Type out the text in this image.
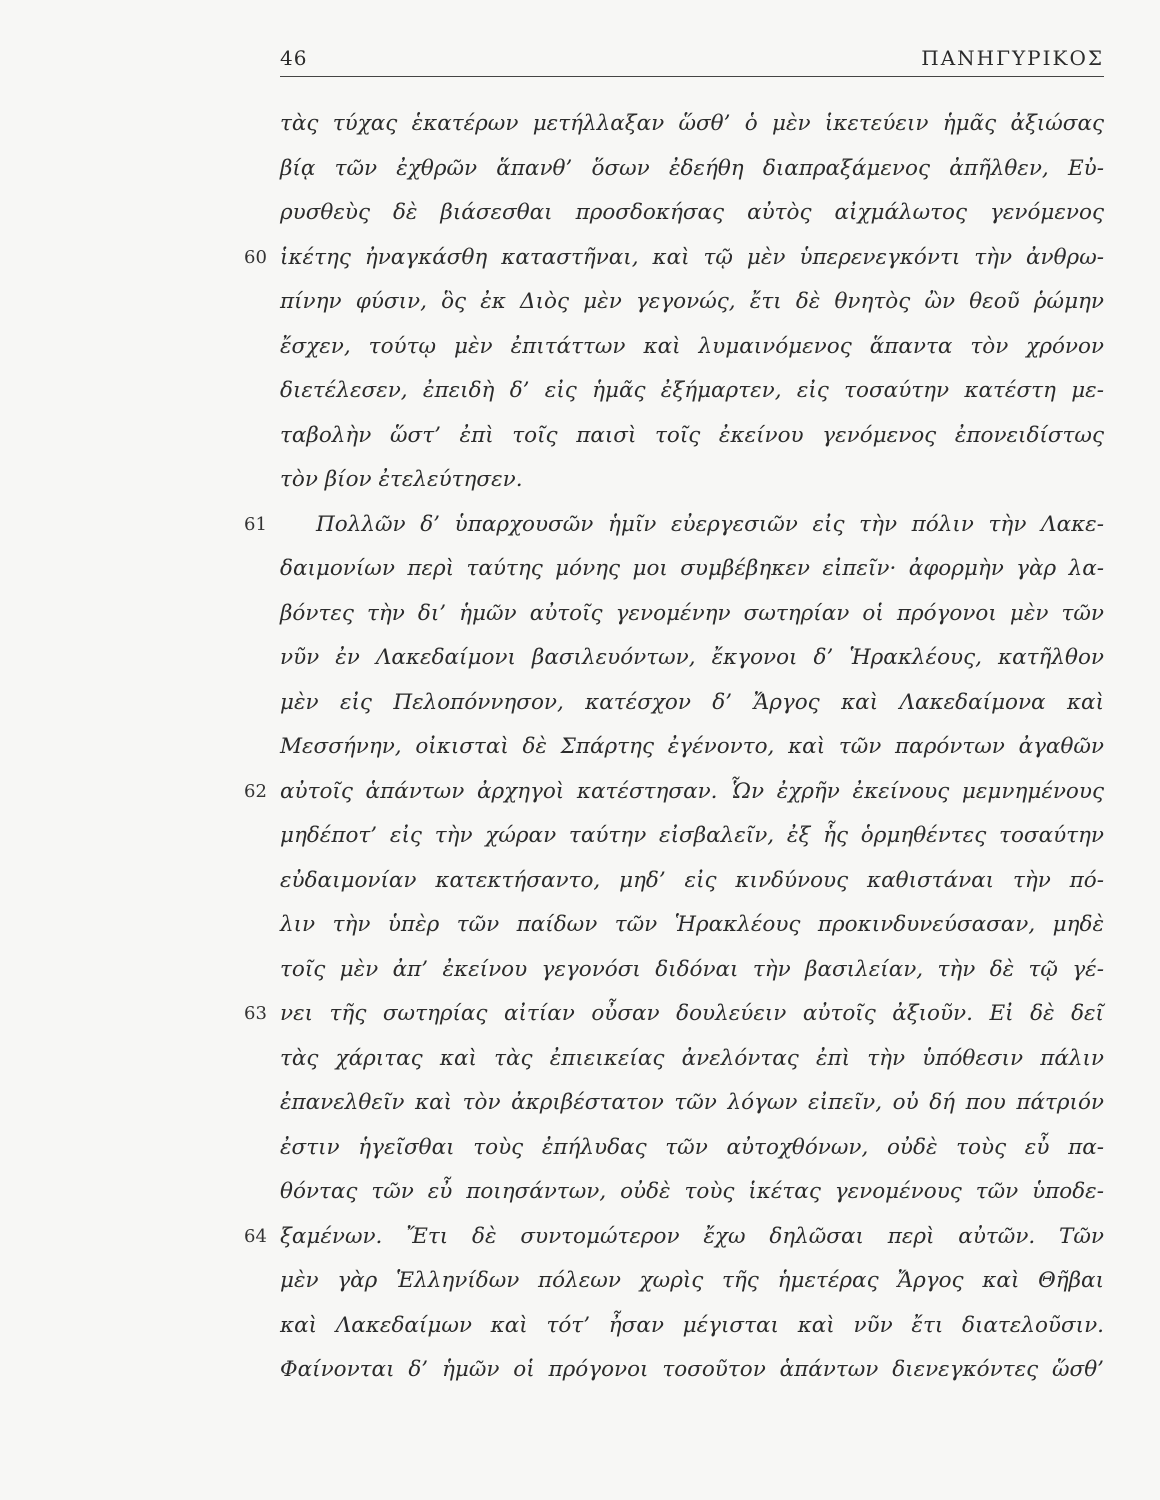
46	ΠΑΝΗΓΥΡΙΚΟΣ
τὰς τύχας ἑκατέρων μετήλλαξαν ὥσθ’ ὁ μὲν ἱκετεύειν ἡμᾶς ἀξιώσας
βίᾳ τῶν ἐχθρῶν ἅπανθ’ ὅσων ἐδεήθη διαπραξάμενος ἀπῆλθεν, Εὐ-
ρυσθεὺς δὲ βιάσεσθαι προσδοκήσας αὐτὸς αἰχμάλωτος γενόμενος
60 ἱκέτης ἠναγκάσθη καταστῆναι, καὶ τῷ μὲν ὑπερενεγκόντι τὴν ἀνθρω-
πίνην φύσιν, ὃς ἐκ Διὸς μὲν γεγονώς, ἔτι δὲ θνητὸς ὢν θεοῦ ῥώμην
ἔσχεν, τούτῳ μὲν ἐπιτάττων καὶ λυμαινόμενος ἅπαντα τὸν χρόνον
διετέλεσεν, ἐπειδὴ δ’ εἰς ἡμᾶς ἐξήμαρτεν, εἰς τοσαύτην κατέστη με-
ταβολὴν ὥστ’ ἐπὶ τοῖς παισὶ τοῖς ἐκείνου γενόμενος ἐπονειδίστως
τὸν βίον ἐτελεύτησεν.
61 Πολλῶν δ’ ὑπαρχουσῶν ἡμῖν εὐεργεσιῶν εἰς τὴν πόλιν τὴν Λακε-
δαιμονίων περὶ ταύτης μόνης μοι συμβέβηκεν εἰπεῖν· ἀφορμὴν γὰρ λα-
βόντες τὴν δι’ ἡμῶν αὐτοῖς γενομένην σωτηρίαν οἱ πρόγονοι μὲν τῶν
νῦν ἐν Λακεδαίμονι βασιλευόντων, ἔκγονοι δ’ Ἡρακλέους, κατῆλθον
μὲν εἰς Πελοπόννησον, κατέσχον δ’ Ἄργος καὶ Λακεδαίμονα καὶ
Μεσσήνην, οἰκισταὶ δὲ Σπάρτης ἐγένοντο, καὶ τῶν παρόντων ἀγαθῶν
62 αὐτοῖς ἁπάντων ἀρχηγοὶ κατέστησαν. Ὧν ἐχρῆν ἐκείνους μεμνημένους
μηδέποτ’ εἰς τὴν χώραν ταύτην εἰσβαλεῖν, ἐξ ἧς ὁρμηθέντες τοσαύτην
εὐδαιμονίαν κατεκτήσαντο, μηδ’ εἰς κινδύνους καθιστάναι τὴν πό-
λιν τὴν ὑπὲρ τῶν παίδων τῶν Ἡρακλέους προκινδυνεύσασαν, μηδὲ
τοῖς μὲν ἀπ’ ἐκείνου γεγονόσι διδόναι τὴν βασιλείαν, τὴν δὲ τῷ γέ-
63 νει τῆς σωτηρίας αἰτίαν οὖσαν δουλεύειν αὐτοῖς ἀξιοῦν. Εἰ δὲ δεῖ
τὰς χάριτας καὶ τὰς ἐπιεικείας ἀνελόντας ἐπὶ τὴν ὑπόθεσιν πάλιν
ἐπανελθεῖν καὶ τὸν ἀκριβέστατον τῶν λόγων εἰπεῖν, οὐ δή που πάτριόν
ἐστιν ἡγεῖσθαι τοὺς ἐπήλυδας τῶν αὐτοχθόνων, οὐδὲ τοὺς εὖ πα-
θόντας τῶν εὖ ποιησάντων, οὐδὲ τοὺς ἱκέτας γενομένους τῶν ὑποδε-
64 ξαμένων. Ἔτι δὲ συντομώτερον ἔχω δηλῶσαι περὶ αὐτῶν. Τῶν
μὲν γὰρ Ἑλληνίδων πόλεων χωρὶς τῆς ἡμετέρας Ἄργος καὶ Θῆβαι
καὶ Λακεδαίμων καὶ τότ’ ἦσαν μέγισται καὶ νῦν ἔτι διατελοῦσιν.
Φαίνονται δ’ ἡμῶν οἱ πρόγονοι τοσοῦτον ἁπάντων διενεγκόντες ὥσθ’
